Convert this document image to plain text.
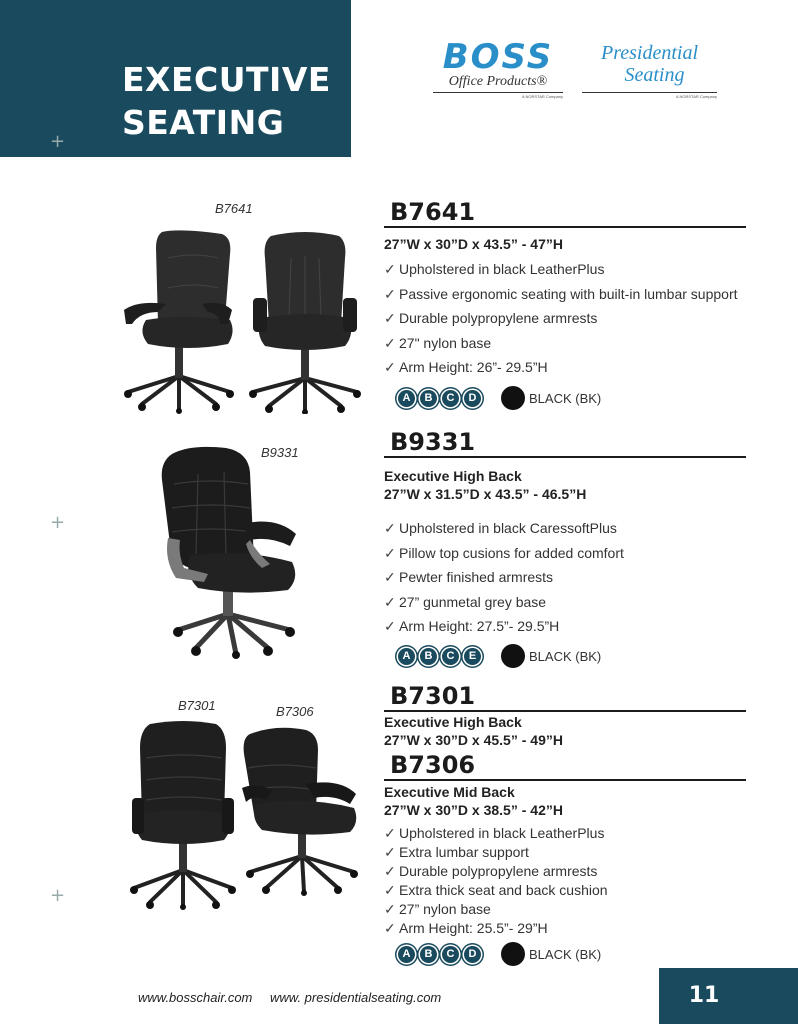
EXECUTIVE
SEATING
+
+
+
BOSS
Office Products®
A NORSTAR Company
Presidential
Seating
A NORSTAR Company
B7641	B7641
27”W x 30”D x 43.5” - 47”H
✓ Upholstered in black LeatherPlus
✓ Passive ergonomic seating with built-in lumbar support
✓ Durable polypropylene armrests
✓ 27" nylon base
✓ Arm Height: 26”- 29.5”H
A	B	C	D	BLACK (BK)
B9331	B9331
Executive High Back
27”W x 31.5”D x 43.5” - 46.5”H
✓ Upholstered in black CaressoftPlus
✓ Pillow top cusions for added comfort
✓ Pewter finished armrests
✓ 27” gunmetal grey base
✓ Arm Height: 27.5”- 29.5”H
A	B	C	E	BLACK (BK)
B7301	B7306
B7301
Executive High Back
27”W x 30”D x 45.5” - 49”H
B7306
Executive Mid Back
27”W x 30”D x 38.5” - 42”H
✓ Upholstered in black LeatherPlus
✓ Extra lumbar support
✓ Durable polypropylene armrests
✓ Extra thick seat and back cushion
✓ 27” nylon base
✓ Arm Height: 25.5”- 29”H
A	B	C	D	BLACK (BK)
www.bosschair.com www. presidentialseating.com	11
